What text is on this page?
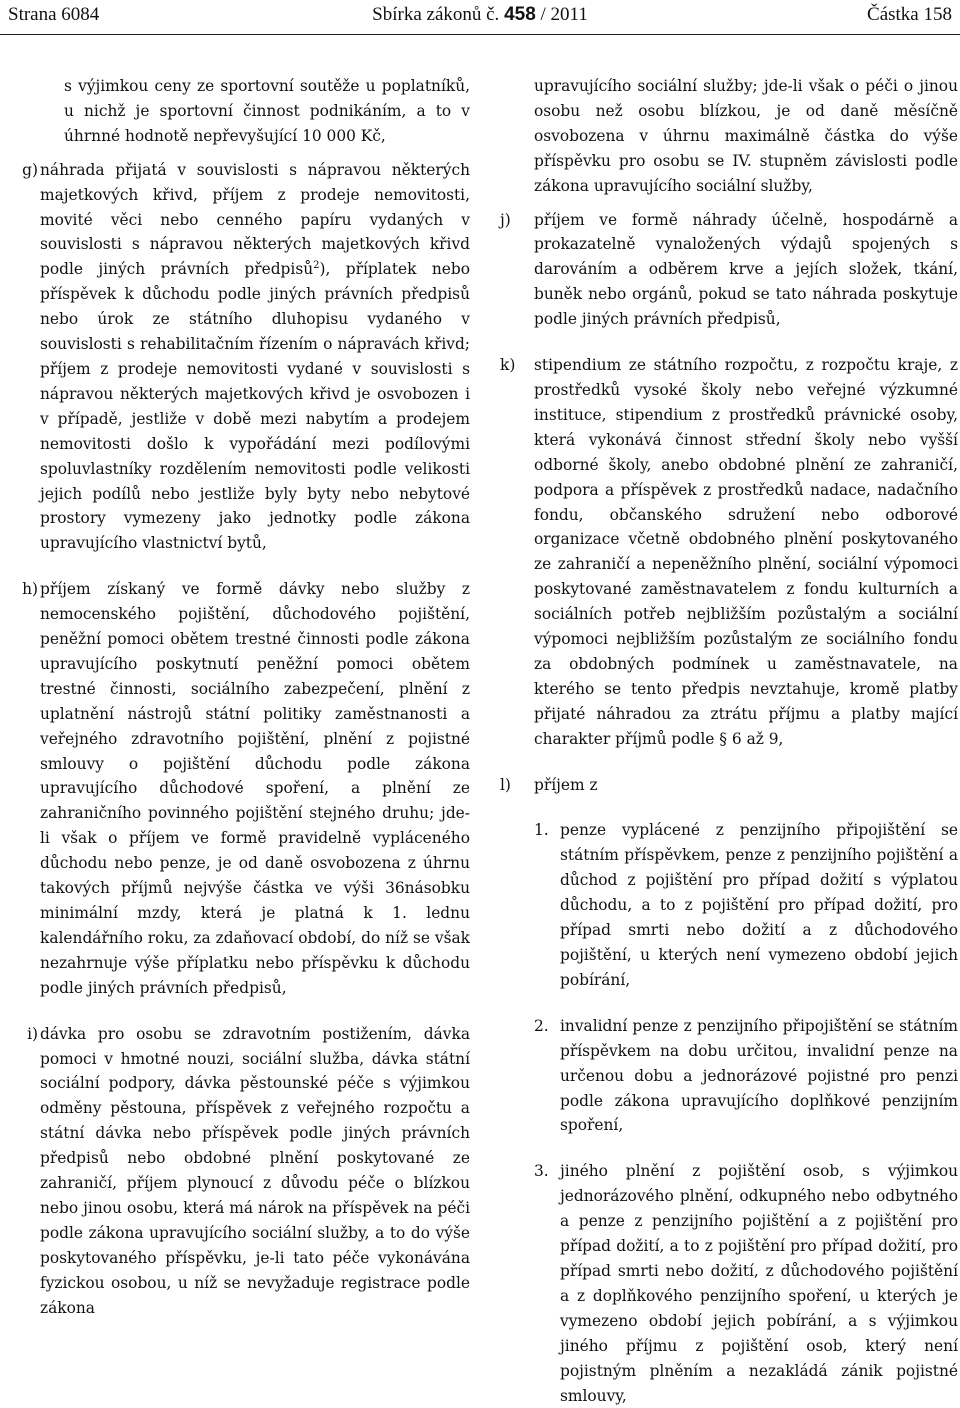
Strana 6084	Sbírka zákonů č. 458 / 2011	Částka 158
s výjimkou ceny ze sportovní soutěže u poplatníků, u nichž je sportovní činnost podnikáním, a to v úhrnné hodnotě nepřevyšující 10 000 Kč,
g) náhrada přijatá v souvislosti s nápravou některých majetkových křivd, příjem z prodeje nemovitosti, movité věci nebo cenného papíru vydaných v souvislosti s nápravou některých majetkových křivd podle jiných právních předpisů$^2$), příplatek nebo příspěvek k důchodu podle jiných právních předpisů nebo úrok ze státního dluhopisu vydaného v souvislosti s rehabilitačním řízením o nápravách křivd; příjem z prodeje nemovitosti vydané v souvislosti s nápravou některých majetkových křivd je osvobozen i v případě, jestliže v době mezi nabytím a prodejem nemovitosti došlo k vypořádání mezi podílovými spoluvlastníky rozdělením nemovitosti podle velikosti jejich podílů nebo jestliže byly byty nebo nebytové prostory vymezeny jako jednotky podle zákona upravujícího vlastnictví bytů,
h) příjem získaný ve formě dávky nebo služby z nemocenského pojištění, důchodového pojištění, peněžní pomoci obětem trestné činnosti podle zákona upravujícího poskytnutí peněžní pomoci obětem trestné činnosti, sociálního zabezpečení, plnění z uplatnění nástrojů státní politiky zaměstnanosti a veřejného zdravotního pojištění, plnění z pojistné smlouvy o pojištění důchodu podle zákona upravujícího důchodové spoření, a plnění ze zahraničního povinného pojištění stejného druhu; jde-li však o příjem ve formě pravidelně vypláceného důchodu nebo penze, je od daně osvobozena z úhrnu takových příjmů nejvýše částka ve výši 36násobku minimální mzdy, která je platná k 1. lednu kalendářního roku, za zdaňovací období, do níž se však nezahrnuje výše příplatku nebo příspěvku k důchodu podle jiných právních předpisů,
i) dávka pro osobu se zdravotním postižením, dávka pomoci v hmotné nouzi, sociální služba, dávka státní sociální podpory, dávka pěstounské péče s výjimkou odměny pěstouna, příspěvek z veřejného rozpočtu a státní dávka nebo příspěvek podle jiných právních předpisů nebo obdobné plnění poskytované ze zahraničí, příjem plynoucí z důvodu péče o blízkou nebo jinou osobu, která má nárok na příspěvek na péči podle zákona upravujícího sociální služby, a to do výše poskytovaného příspěvku, je-li tato péče vykonávána fyzickou osobou, u níž se nevyžaduje registrace podle zákona
upravujícího sociální služby; jde-li však o péči o jinou osobu než osobu blízkou, je od daně měsíčně osvobozena v úhrnu maximálně částka do výše příspěvku pro osobu se IV. stupněm závislosti podle zákona upravujícího sociální služby,
j)	příjem ve formě náhrady účelně, hospodárně a prokazatelně vynaložených výdajů spojených s darováním a odběrem krve a jejích složek, tkání, buněk nebo orgánů, pokud se tato náhrada poskytuje podle jiných právních předpisů,
k)	stipendium ze státního rozpočtu, z rozpočtu kraje, z prostředků vysoké školy nebo veřejné výzkumné instituce, stipendium z prostředků právnické osoby, která vykonává činnost střední školy nebo vyšší odborné školy, anebo obdobné plnění ze zahraničí, podpora a příspěvek z prostředků nadace, nadačního fondu, občanského sdružení nebo odborové organizace včetně obdobného plnění poskytovaného ze zahraničí a nepeněžního plnění, sociální výpomoci poskytované zaměstnavatelem z fondu kulturních a sociálních potřeb nejbližším pozůstalým a sociální výpomoci nejbližším pozůstalým ze sociálního fondu za obdobných podmínek u zaměstnavatele, na kterého se tento předpis nevztahuje, kromě platby přijaté náhradou za ztrátu příjmu a platby mající charakter příjmů podle § 6 až 9,
l)	příjem z
1. penze vyplácené z penzijního připojištění se státním příspěvkem, penze z penzijního pojištění a důchod z pojištění pro případ dožití s výplatou důchodu, a to z pojištění pro případ dožití, pro případ smrti nebo dožití a z důchodového pojištění, u kterých není vymezeno období jejich pobírání,
2. invalidní penze z penzijního připojištění se státním příspěvkem na dobu určitou, invalidní penze na určenou dobu a jednorázové pojistné pro penzi podle zákona upravujícího doplňkové penzijním spoření,
3. jiného plnění z pojištění osob, s výjimkou jednorázového plnění, odkupného nebo odbytného a penze z penzijního pojištění a z pojištění pro případ dožití, a to z pojištění pro případ dožití, pro případ smrti nebo dožití, z důchodového pojištění a z doplňkového penzijního spoření, u kterých je vymezeno období jejich pobírání, a s výjimkou jiného příjmu z pojištění osob, který není pojistným plněním a nezakládá zánik pojistné smlouvy,
